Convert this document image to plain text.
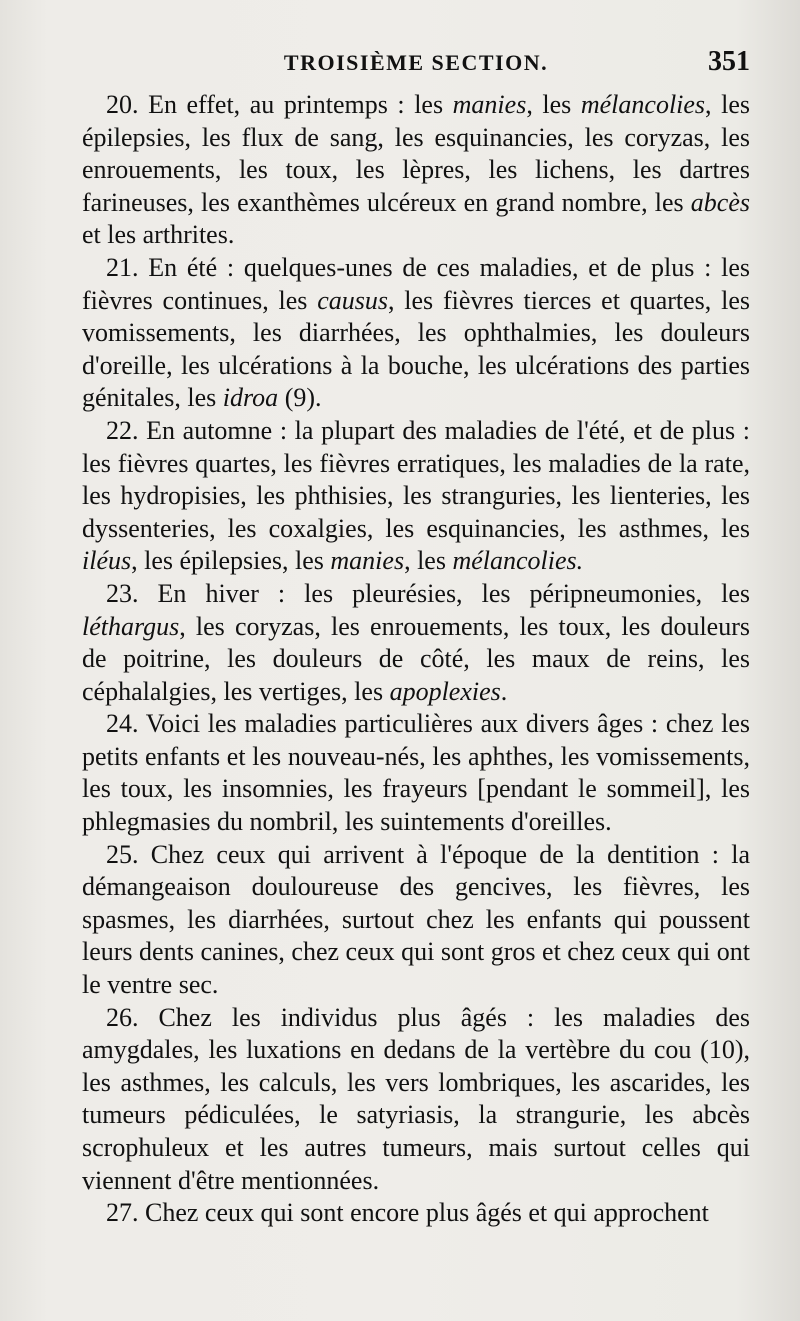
TROISIÈME SECTION.	351

20. En effet, au printemps : les manies, les mélancolies, les épilepsies, les flux de sang, les esquinancies, les coryzas, les enrouements, les toux, les lèpres, les lichens, les dartres farineuses, les exanthèmes ulcéreux en grand nombre, les abcès et les arthrites.

21. En été : quelques-unes de ces maladies, et de plus : les fièvres continues, les causus, les fièvres tierces et quartes, les vomissements, les diarrhées, les ophthalmies, les douleurs d'oreille, les ulcérations à la bouche, les ulcérations des parties génitales, les idroa (9).

22. En automne : la plupart des maladies de l'été, et de plus : les fièvres quartes, les fièvres erratiques, les maladies de la rate, les hydropisies, les phthisies, les stranguries, les lienteries, les dyssenteries, les coxalgies, les esquinancies, les asthmes, les iléus, les épilepsies, les manies, les mélancolies.

23. En hiver : les pleurésies, les péripneumonies, les léthargus, les coryzas, les enrouements, les toux, les douleurs de poitrine, les douleurs de côté, les maux de reins, les céphalalgies, les vertiges, les apoplexies.

24. Voici les maladies particulières aux divers âges : chez les petits enfants et les nouveau-nés, les aphthes, les vomissements, les toux, les insomnies, les frayeurs [pendant le sommeil], les phlegmasies du nombril, les suintements d'oreilles.

25. Chez ceux qui arrivent à l'époque de la dentition : la démangeaison douloureuse des gencives, les fièvres, les spasmes, les diarrhées, surtout chez les enfants qui poussent leurs dents canines, chez ceux qui sont gros et chez ceux qui ont le ventre sec.

26. Chez les individus plus âgés : les maladies des amygdales, les luxations en dedans de la vertèbre du cou (10), les asthmes, les calculs, les vers lombriques, les ascarides, les tumeurs pédiculées, le satyriasis, la strangurie, les abcès scrophuleux et les autres tumeurs, mais surtout celles qui viennent d'être mentionnées.

27. Chez ceux qui sont encore plus âgés et qui approchent
